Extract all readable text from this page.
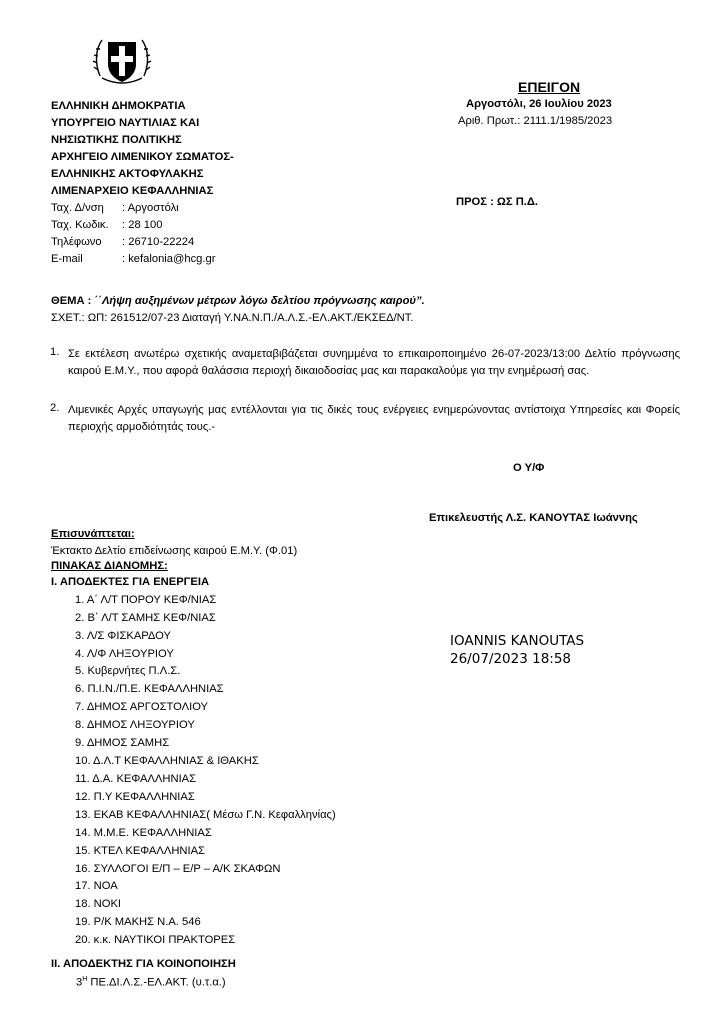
ΕΠΕΙΓΟΝ
Αργοστόλι, 26 Ιουλίου 2023
Αριθ. Πρωτ.: 2111.1/1985/2023
ΕΛΛΗΝΙΚΗ ΔΗΜΟΚΡΑΤΙΑ
ΥΠΟΥΡΓΕΙΟ ΝΑΥΤΙΛΙΑΣ ΚΑΙ
ΝΗΣΙΩΤΙΚΗΣ ΠΟΛΙΤΙΚΗΣ
ΑΡΧΗΓΕΙΟ ΛΙΜΕΝΙΚΟΥ ΣΩΜΑΤΟΣ-
ΕΛΛΗΝΙΚΗΣ ΑΚΤΟΦΥΛΑΚΗΣ
ΛΙΜΕΝΑΡΧΕΙΟ ΚΕΦΑΛΛΗΝΙΑΣ
Ταχ. Δ/νση : Αργοστόλι
Ταχ. Κωδικ. : 28 100
Τηλέφωνο : 26710-22224
E-mail	: kefalonia@hcg.gr
ΠΡΟΣ : ΩΣ Π.Δ.
ΘΕΜΑ : ΄΄Λήψη αυξημένων μέτρων λόγω δελτίου πρόγνωσης καιρού”.
ΣΧΕΤ.: ΩΠ: 261512/07-23 Διαταγή Υ.ΝΑ.Ν.Π./Α.Λ.Σ.-ΕΛ.ΑΚΤ./ΕΚΣΕΔ/ΝΤ.
1. Σε εκτέλεση ανωτέρω σχετικής αναμεταβιβάζεται συνημμένα το επικαιροποιημένο 26-07-2023/13:00 Δελτίο πρόγνωσης καιρού Ε.Μ.Υ., που αφορά θαλάσσια περιοχή δικαιοδοσίας μας και παρακαλούμε για την ενημέρωσή σας.
2. Λιμενικές Αρχές υπαγωγής μας εντέλλονται για τις δικές τους ενέργειες ενημερώνοντας αντίστοιχα Υπηρεσίες και Φορείς περιοχής αρμοδιότητάς τους.-
Ο Υ/Φ
Επικελευστής Λ.Σ. ΚΑΝΟΥΤΑΣ Ιωάννης
IOANNIS KANOUTAS
26/07/2023 18:58
Επισυνάπτεται:
Έκτακτο Δελτίο επιδείνωσης καιρού Ε.Μ.Υ. (Φ.01)
ΠΙΝΑΚΑΣ ΔΙΑΝΟΜΗΣ:
Ι. ΑΠΟΔΕΚΤΕΣ ΓΙΑ ΕΝΕΡΓΕΙΑ
1. Α΄ Λ/Τ ΠΟΡΟΥ ΚΕΦ/ΝΙΑΣ
2. Β΄ Λ/Τ ΣΑΜΗΣ ΚΕΦ/ΝΙΑΣ
3. Λ/Σ ΦΙΣΚΑΡΔΟΥ
4. Λ/Φ ΛΗΞΟΥΡΙΟΥ
5. Κυβερνήτες Π.Λ.Σ.
6. Π.Ι.Ν./Π.Ε. ΚΕΦΑΛΛΗΝΙΑΣ
7. ΔΗΜΟΣ ΑΡΓΟΣΤΟΛΙΟΥ
8. ΔΗΜΟΣ ΛΗΞΟΥΡΙΟΥ
9. ΔΗΜΟΣ ΣΑΜΗΣ
10. Δ.Λ.Τ ΚΕΦΑΛΛΗΝΙΑΣ & ΙΘΑΚΗΣ
11. Δ.Α. ΚΕΦΑΛΛΗΝΙΑΣ
12. Π.Υ ΚΕΦΑΛΛΗΝΙΑΣ
13. ΕΚΑΒ ΚΕΦΑΛΛΗΝΙΑΣ( Μέσω Γ.Ν. Κεφαλληνίας)
14. Μ.Μ.Ε. ΚΕΦΑΛΛΗΝΙΑΣ
15. ΚΤΕΛ ΚΕΦΑΛΛΗΝΙΑΣ
16. ΣΥΛΛΟΓΟΙ Ε/Π – Ε/Ρ – Α/Κ ΣΚΑΦΩΝ
17. ΝΟΑ
18. ΝΟΚΙ
19. Ρ/Κ ΜΑΚΗΣ Ν.Α. 546
20. κ.κ. ΝΑΥΤΙΚΟΙ ΠΡΑΚΤΟΡΕΣ
ΙΙ. ΑΠΟΔΕΚΤΗΣ ΓΙΑ ΚΟΙΝΟΠΟΙΗΣΗ
$3^H$ ΠΕ.ΔΙ.Λ.Σ.-ΕΛ.ΑΚΤ. (υ.τ.α.)
